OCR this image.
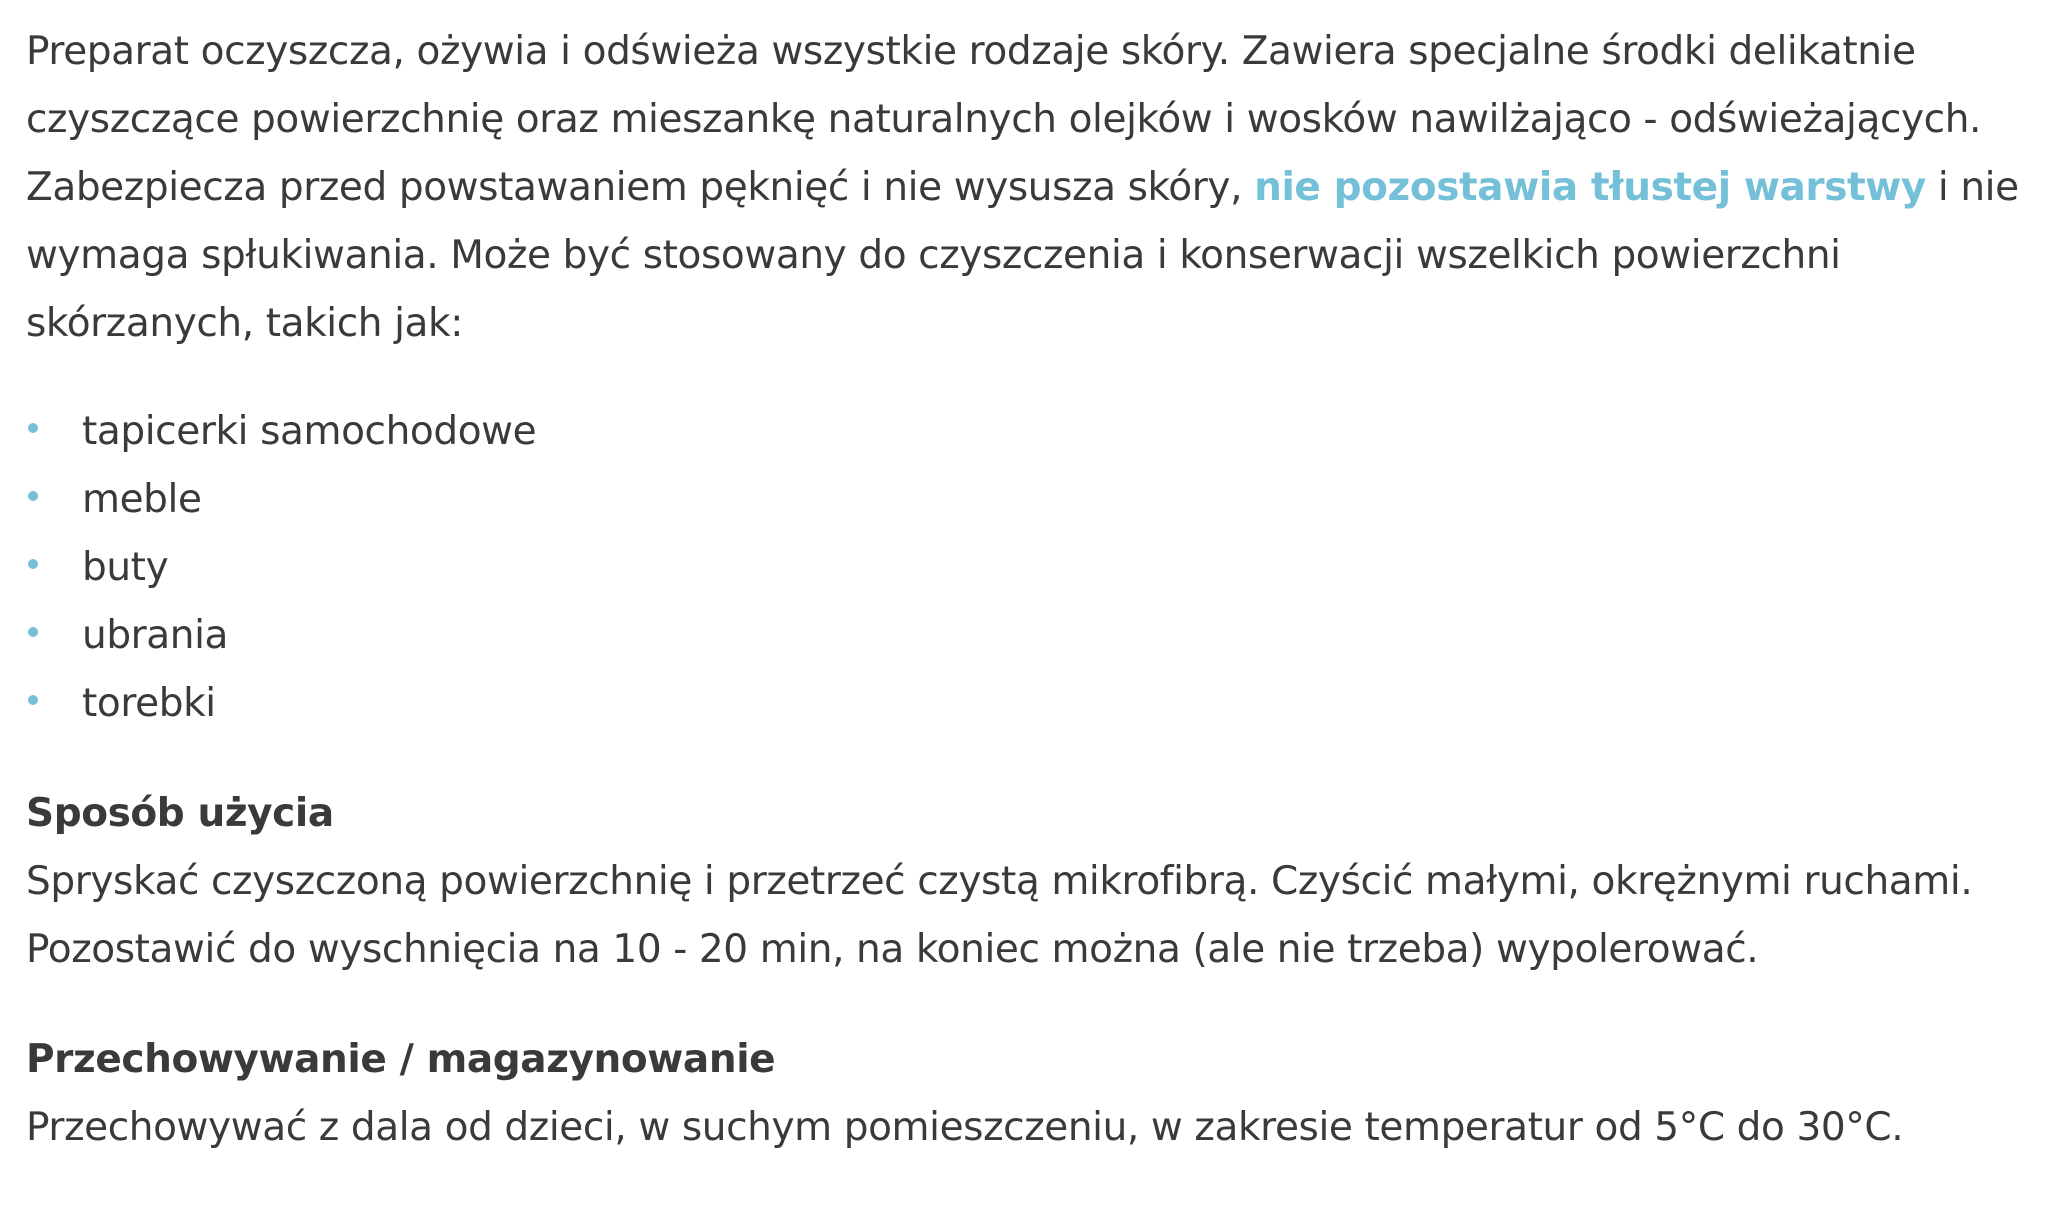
Preparat oczyszcza, ożywia i odświeża wszystkie rodzaje skóry. Zawiera specjalne środki delikatnie czyszczące powierzchnię oraz mieszankę naturalnych olejków i wosków nawilżająco - odświeżających. Zabezpiecza przed powstawaniem pęknięć i nie wysusza skóry, nie pozostawia tłustej warstwy i nie wymaga spłukiwania. Może być stosowany do czyszczenia i konserwacji wszelkich powierzchni skórzanych, takich jak:

tapicerki samochodowe
meble
buty
ubrania
torebki
Sposób użycia

Spryskać czyszczoną powierzchnię i przetrzeć czystą mikrofibrą. Czyścić małymi, okrężnymi ruchami. Pozostawić do wyschnięcia na 10 - 20 min, na koniec można (ale nie trzeba) wypolerować.

Przechowywanie / magazynowanie

Przechowywać z dala od dzieci, w suchym pomieszczeniu, w zakresie temperatur od 5°C do 30°C.
